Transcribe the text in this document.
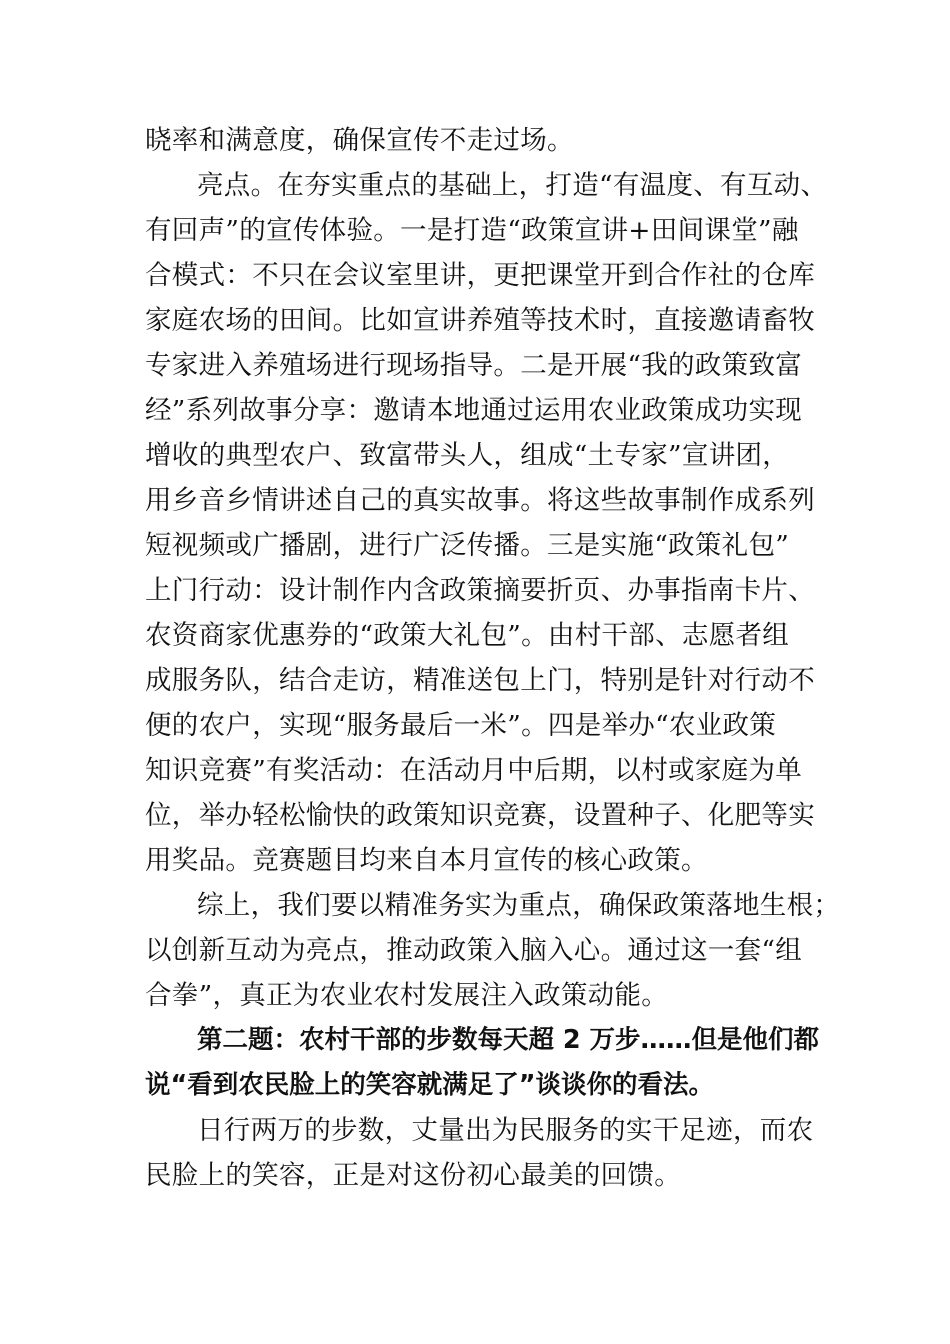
晓率和满意度，确保宣传不走过场。
亮点。在夯实重点的基础上，打造“有温度、有互动、
有回声”的宣传体验。一是打造“政策宣讲+田间课堂”融
合模式：不只在会议室里讲，更把课堂开到合作社的仓库
家庭农场的田间。比如宣讲养殖等技术时，直接邀请畜牧
专家进入养殖场进行现场指导。二是开展“我的政策致富
经”系列故事分享：邀请本地通过运用农业政策成功实现
增收的典型农户、致富带头人，组成“土专家”宣讲团，
用乡音乡情讲述自己的真实故事。将这些故事制作成系列
短视频或广播剧，进行广泛传播。三是实施“政策礼包”
上门行动：设计制作内含政策摘要折页、办事指南卡片、
农资商家优惠券的“政策大礼包”。由村干部、志愿者组
成服务队，结合走访，精准送包上门，特别是针对行动不
便的农户，实现“服务最后一米”。四是举办“农业政策
知识竞赛”有奖活动：在活动月中后期，以村或家庭为单
位，举办轻松愉快的政策知识竞赛，设置种子、化肥等实
用奖品。竞赛题目均来自本月宣传的核心政策。
综上，我们要以精准务实为重点，确保政策落地生根；
以创新互动为亮点，推动政策入脑入心。通过这一套“组
合拳”，真正为农业农村发展注入政策动能。
第二题：农村干部的步数每天超 2 万步……但是他们都
说“看到农民脸上的笑容就满足了”谈谈你的看法。
日行两万的步数，丈量出为民服务的实干足迹，而农
民脸上的笑容，正是对这份初心最美的回馈。
